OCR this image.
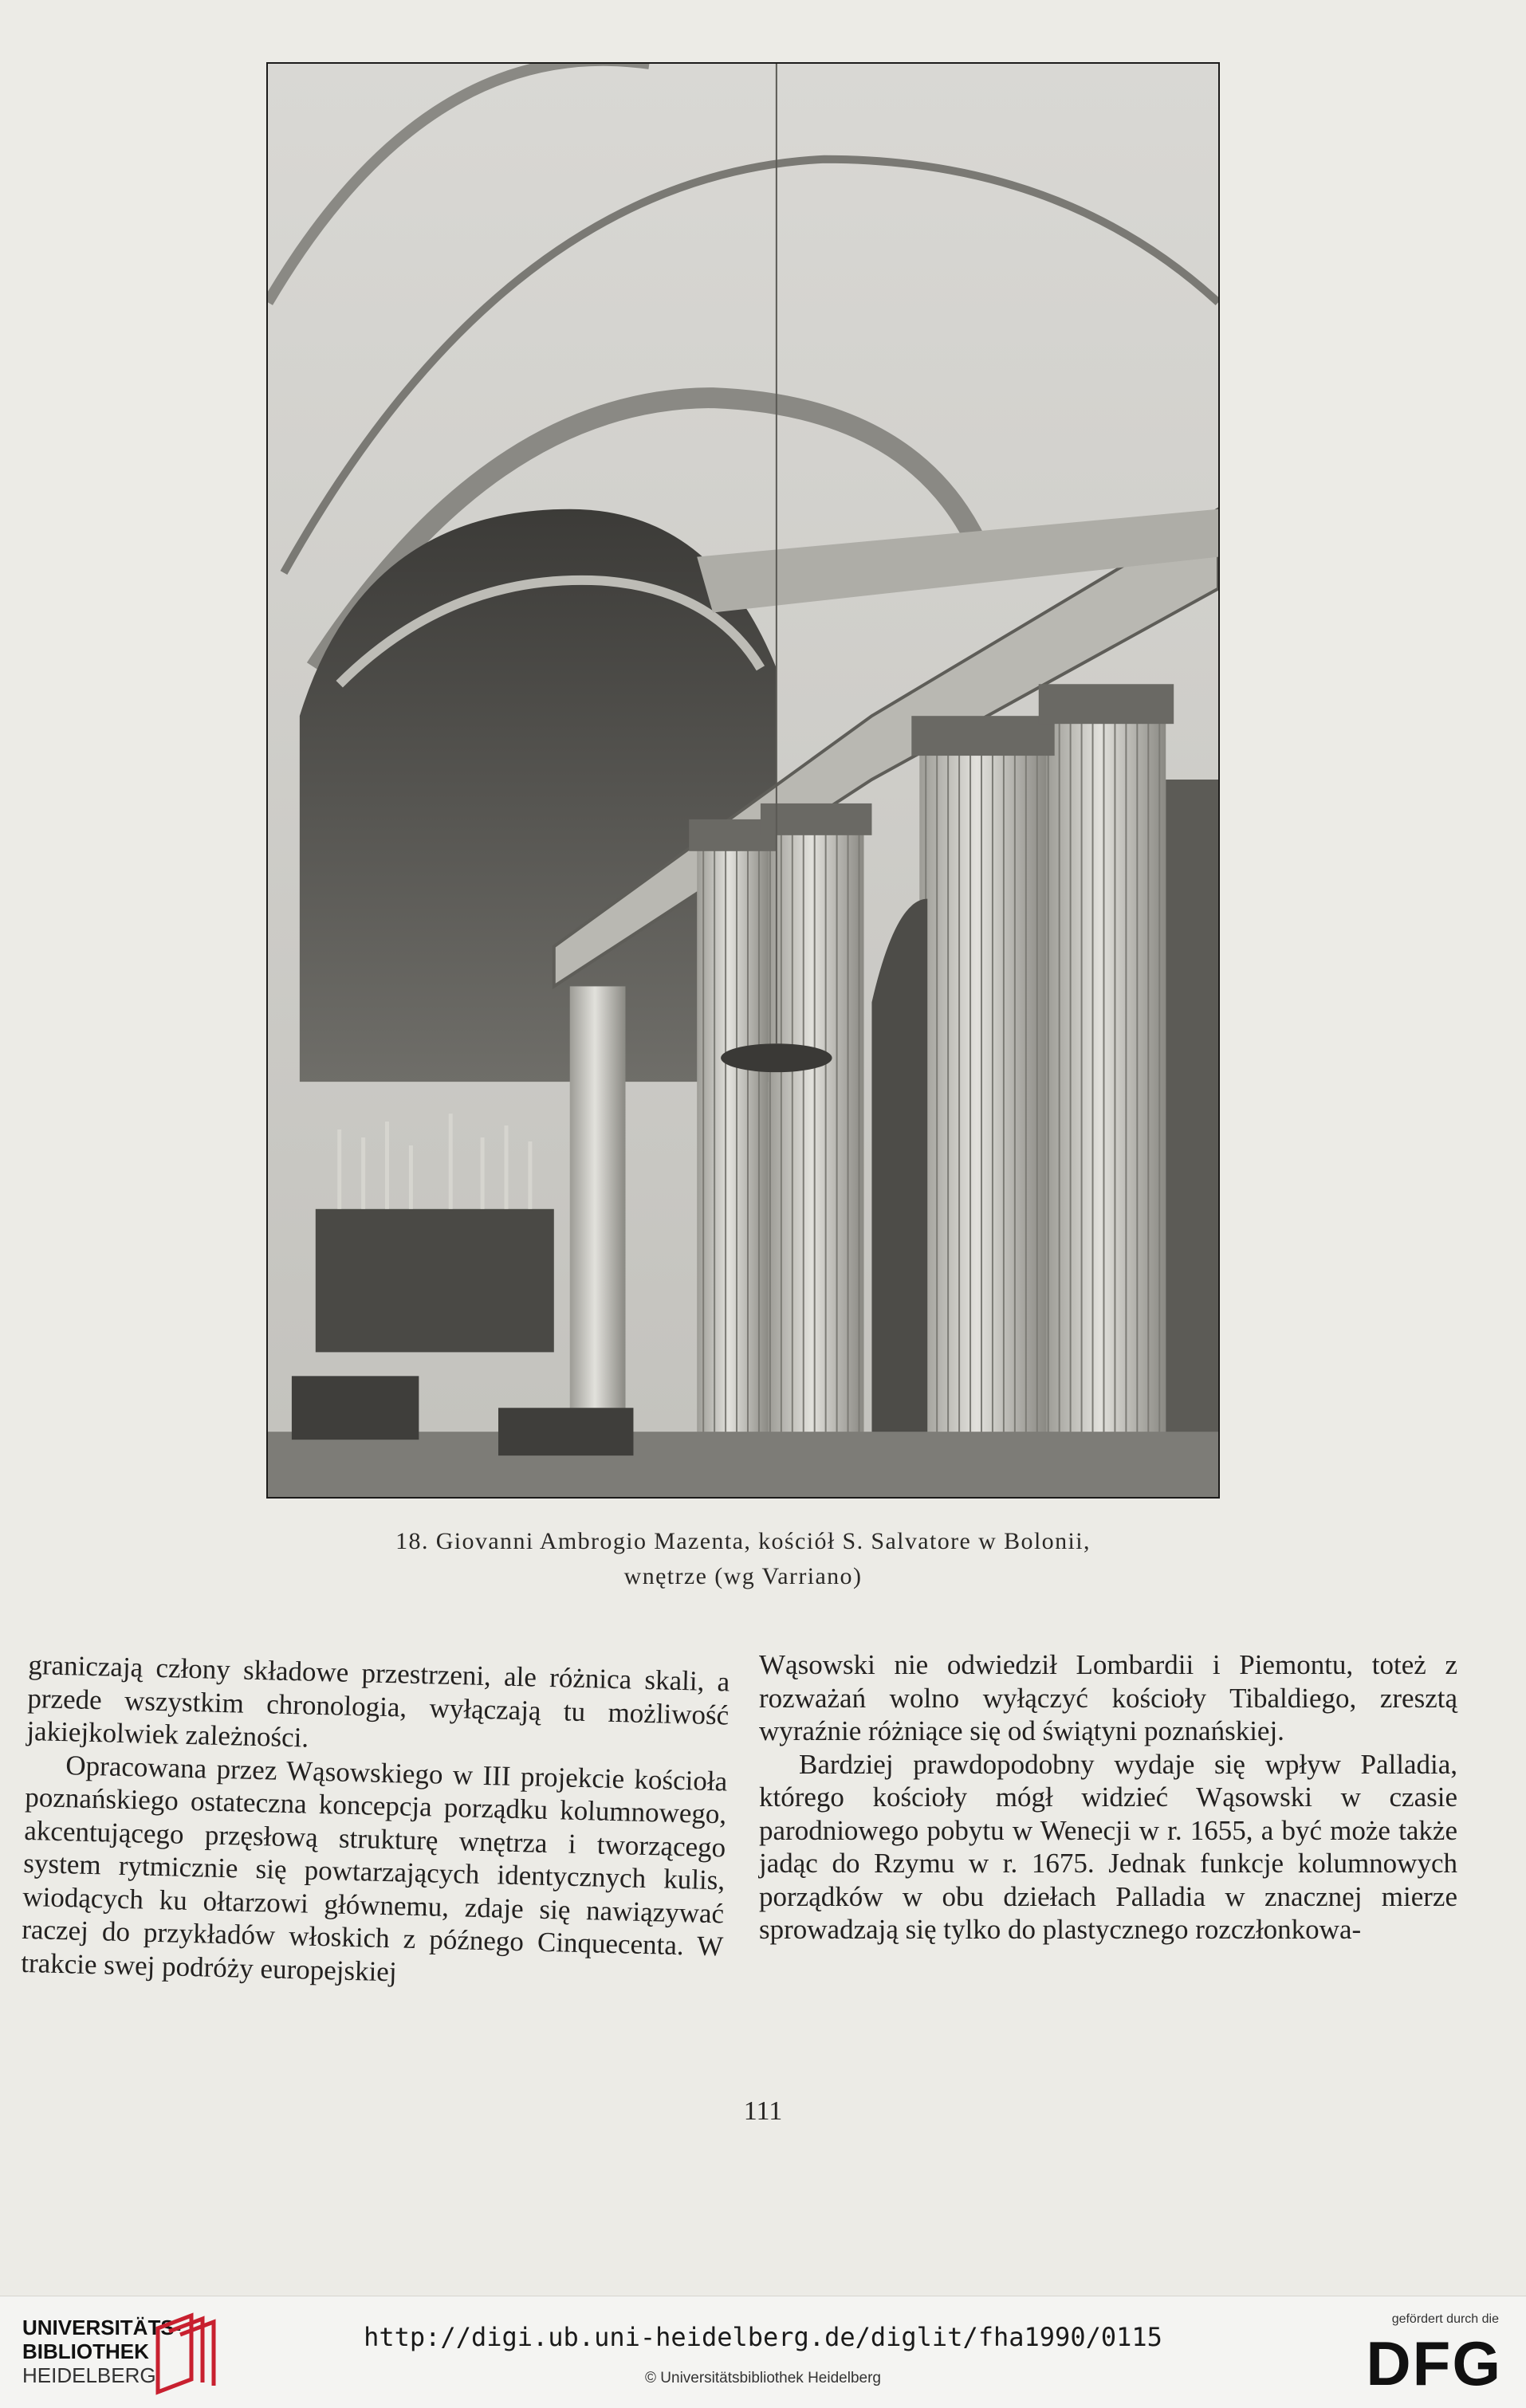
18. Giovanni Ambrogio Mazenta, kościół S. Salvatore w Bolonii,
wnętrze (wg Varriano)

graniczają człony składowe przestrzeni, ale różnica skali, a przede wszystkim chronologia, wyłączają tu możliwość jakiejkolwiek zależności.

Opracowana przez Wąsowskiego w III projekcie kościoła poznańskiego ostateczna koncepcja porządku kolumnowego, akcentującego przęsłową strukturę wnętrza i tworzącego system rytmicznie się powtarzających identycznych kulis, wiodących ku ołtarzowi głównemu, zdaje się nawiązywać raczej do przykładów włoskich z późnego Cinquecenta. W trakcie swej podróży europejskiej

Wąsowski nie odwiedził Lombardii i Piemontu, toteż z rozważań wolno wyłączyć kościoły Tibaldiego, zresztą wyraźnie różniące się od świątyni poznańskiej.

Bardziej prawdopodobny wydaje się wpływ Palladia, którego kościoły mógł widzieć Wąsowski w czasie parodniowego pobytu w Wenecji w r. 1655, a być może także jadąc do Rzymu w r. 1675. Jednak funkcje kolumnowych porządków w obu dziełach Palladia w znacznej mierze sprowadzają się tylko do plastycznego rozczłonkowa-

111
UNIVERSITÄTS-
BIBLIOTHEK
HEIDELBERG
http://digi.ub.uni-heidelberg.de/diglit/fha1990/0115
© Universitätsbibliothek Heidelberg
gefördert durch die
DFG
